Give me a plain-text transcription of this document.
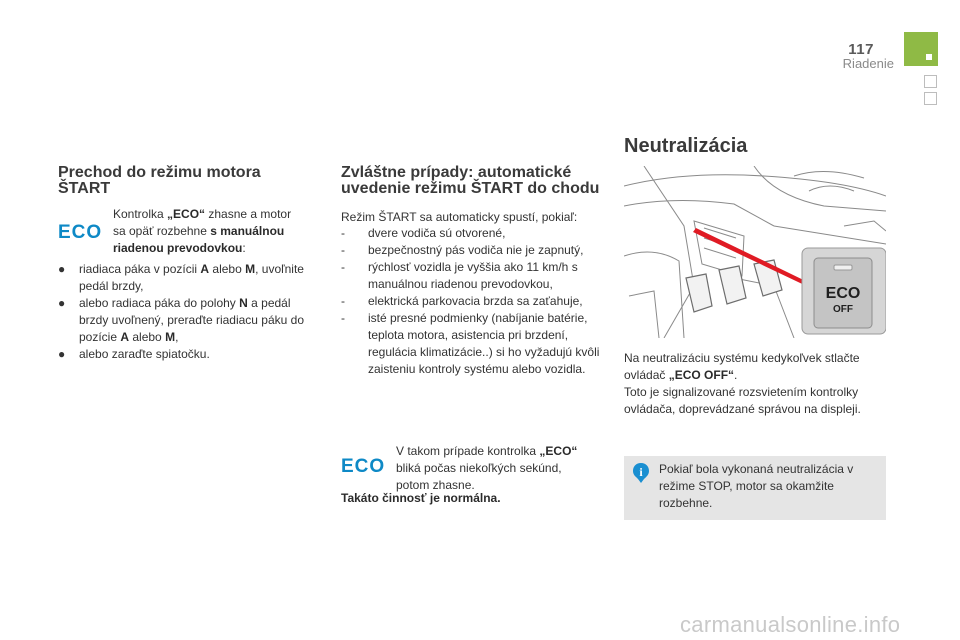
117
Riadenie
Prechod do režimu motora ŠTART
Kontrolka „ECO“ zhasne a motor sa opäť rozbehne s manuálnou riadenou prevodovkou:
ECO
● riadiaca páka v pozícii A alebo M, uvoľnite pedál brzdy,
● alebo radiaca páka do polohy N a pedál brzdy uvoľnený, preraďte riadiacu páku do pozície A alebo M,
● alebo zaraďte spiatočku.
Zvláštne prípady: automatické uvedenie režimu ŠTART do chodu
Režim ŠTART sa automaticky spustí, pokiaľ:
- dvere vodiča sú otvorené,
- bezpečnostný pás vodiča nie je zapnutý,
- rýchlosť vozidla je vyššia ako 11 km/h s manuálnou riadenou prevodovkou,
- elektrická parkovacia brzda sa zaťahuje,
- isté presné podmienky (nabíjanie batérie, teplota motora, asistencia pri brzdení, regulácia klimatizácie..) si ho vyžadujú kvôli zaisteniu kontroly systému alebo vozidla.
V takom prípade kontrolka „ECO“ bliká počas niekoľkých sekúnd, potom zhasne.
ECO
Takáto činnosť je normálna.
Neutralizácia
ECO
OFF
Na neutralizáciu systému kedykoľvek stlačte ovládač „ECO OFF“.
Toto je signalizované rozsvietením kontrolky ovládača, doprevádzané správou na displeji.
i Pokiaľ bola vykonaná neutralizácia v režime STOP, motor sa okamžite rozbehne.
carmanualsonline.info
